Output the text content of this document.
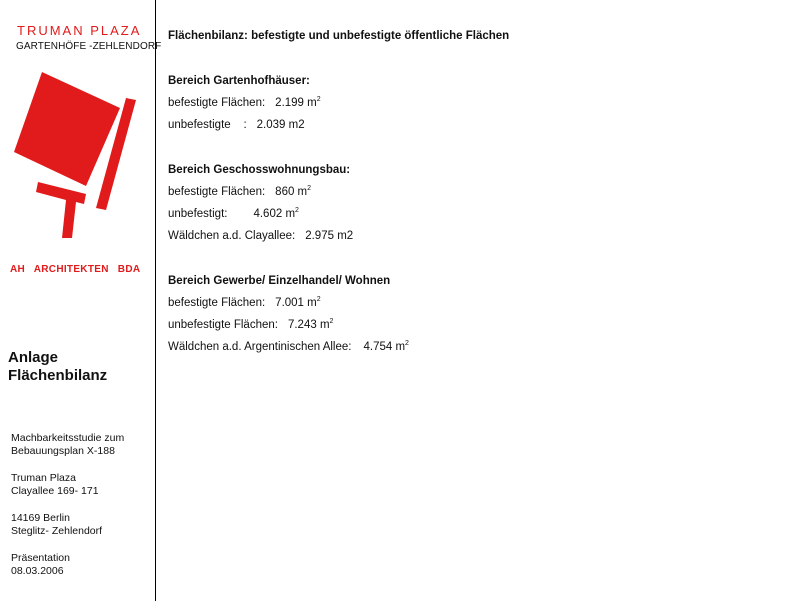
TRUMAN PLAZA
GARTENHÖFE -ZEHLENDORF
AH ARCHITEKTEN BDA
Anlage
Flächenbilanz
Machbarkeitsstudie zum
Bebauungsplan X-188
Truman Plaza
Clayallee 169- 171
14169 Berlin
Steglitz- Zehlendorf
Präsentation
08.03.2006
Flächenbilanz: befestigte und unbefestigte öffentliche Flächen
Bereich Gartenhofhäuser:
befestigte Flächen: 2.199 $m^2$
unbefestigte    : 2.039 m2
Bereich Geschosswohnungsbau:
befestigte Flächen: 860 $m^2$
unbefestigt: 4.602 $m^2$
Wäldchen a.d. Clayallee: 2.975 m2
Bereich Gewerbe/ Einzelhandel/ Wohnen
befestigte Flächen: 7.001 $m^2$
unbefestigte Flächen: 7.243 $m^2$
Wäldchen a.d. Argentinischen Allee: 4.754 $m^2$
